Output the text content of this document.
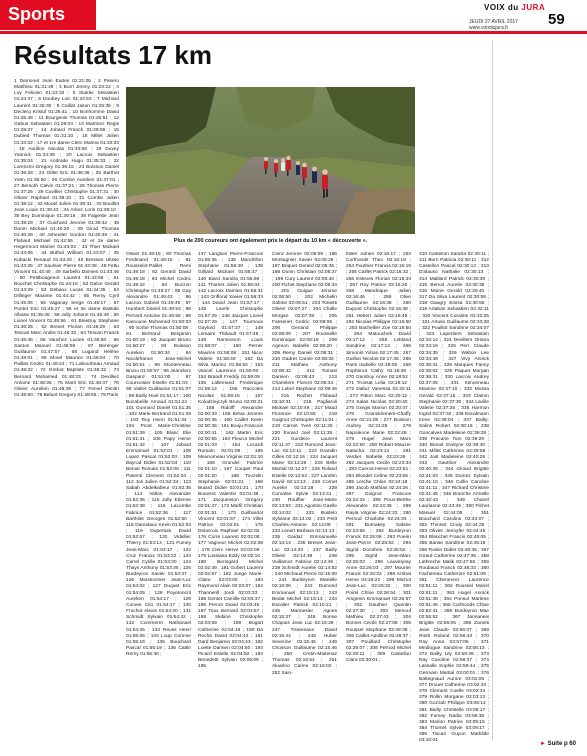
Sports	VOIX du JURA
JEUDI 27 AVRIL 2017
www.voixdujura.fr	59
Résultats 17 km
Plus de 200 coureurs ont également pris le départ du 10 km « découverte ».
1 Demonet Jean Eudes 01:21:05 ; 2 Pasero Matthieu 01:21:49 ; 3 Burri Jimmy 01:23:22 ; 4 Loy Felicien 01:23:32 ; 5 Stukler Sebastien 01:24:37 ; 6 Doubey Loic 01:24:53 ; 7 Michard Laurent 01:25:30 ; 8 Caillat Jason 01:25:35 ; 9 Declerq Kristof 01:25:41 ; 10 Bonhomme David 01:25:46 ; 11 Bourgeois Thomas 01:26:51 ; 12 Gabus Sebastien 01:28:03 ; 13 Martinez Regis 01:28:27 ; 14 Jobard Franck 01:29:55 ; 15 Dubied Thomas 01:31:10 ; 16 Millet Julien 01:33:02 ; 17 et 1re dame Clerc Marina 01:33:03 ; 18 Aurillon Nicolas 01:33:58 ; 19 Duvey Yannick 01:34:36 ; 20 Lacroix Sebastien 01:35:04 ; 21 Andrade Hugo 01:35:33 ; 22 Lorenzini Gregory 01:36:15 ; 23 Boisson Daniel 01:36:28 ; 24 Gillet Eric 01:36:36 ; 25 Barthet Yann 01:36:50 ; 26 Combe Aurelien 01:37:01 ; 27 Bersoth Calvin 01:37:21 ; 28 Thomas Pierre 01:37:25 ; 29 Cuvillier Christophe 01:37:31 ; 30 Olivier Raphael 01:38:10 ; 31 Combe Julien 01:38:12 ; 32 Mouel Julien 01:38:31 ; 33 Bouillet Jean Louis 01:38:43 ; 34 Arbez Loris 01:39:10 ; 35 Bey Dominique 01:39:16 ; 36 Faigeste Jean 01:39:29 ; 37 Guichard Jerome 01:39:42 ; 38 Donin Michael 01:40:20 ; 39 Girod Thomas 01:40:26 ; 40 Joheutier Gordon 01:40:46 ; 41 Flahaut Michael 01:42:55 ; 42 et 2e dame Hegermont Marine 01:43:02 ; 43 Thier Mickael 01:43:06 ; 44 Buthal William 01:43:07 ; 45 Kubacki Renaud 01:43:20 ; 46 Bressan Ulisse 01:43:25 ; 47 Saulnier Pierre 01:43:38 ; 48 Fettu Vincent 01:43:40 ; 49 Sarbello Damien 01:43:46 ; 50 Petitbougenot Laurent 01:43:55 ; 51 Bouchet Christophe 01:44:16 ; 52 Dalce Gerald 01:44:29 ; 53 Debaux Lucas 01:44:35 ; 54 Dillinger Maxime 01:44:42 ; 55 Remy Cyril 01:45:05 ; 56 Vaganay Serge 01:45:17 ; 57 Pontet Eric 01:45:27 ; 58 et 3e dame Bastide Albane 01:45:45 ; 59 Jolly Johann 01:45:49 ; 60 Lionel Vincent 01:45:56 ; 61 Binetruy Stephane 01:46:25 ; 62 Brevet Florian 01:46:29 ; 63 Tescari Marc Andre 01:46:32 ; 64 Tescari Franck 01:46:46 ; 65 Vauchez Lucien 01:46:50 ; 66 Santos Manuel 01:46:59 ; 67 Berenger Guillaume 01:47:57 ; 68 Lugand Hélène 01:48:01 ; 69 Morel Maurice 01:48:04 ; 70 Paillas Cedric 01:48:24 ; 71 Labourbeau Arnaud 01:48:32 ; 72 Grebot Baptiste 01:48:32 ; 73 Bernard Mohamed 01:48:33 ; 74 Devilliez Antoine 01:48:36 ; 75 Marti Eric 01:48:37 ; 76 Olivier Aurelien 01:48:39 ; 77 Femel Dimitri 01:48:50 ; 78 Beluet Gregory 01:48:56 ; 79 Paris
Olivier 01:49:15 ; 80 Thomas Ferdinand 01:49:15 ; 81 Rousselot-Paillet Remi 01:49:18 ; 82 Gerard David 01:49:18 ; 83 Michel Cedric 01:49:22 ; 84 Buzzon Christophe 01:49:27 ; 85 Gay Alexandre 01:49:43 ; 86 Lacroix Gabriel 01:49:49 ; 87 Humbert Daniel 01:49:53 ; 88 Perrard Antoine 01:49:56 ; 89 Kamoune Mohamed 01:50:03 ; 90 Sorbe Thomas 01:50:08 ; 91 Bertrand Benjamin 01:50:19 ; 92 Jacquet Bruno 01:50:27 ; 93 Boisson Aurelien 01:50:34 ; 94 Nicolefrance Jean-Michel 01:50:51 ; 95 Montenneau Bruno 01:50:57 ; 96 Jeanclerc Gaspard 01:51:00 ; 97 Courvoisier Estelle 01:51:03 ; 98 Viallet Guillaume 01:51:07 ; 99 Bailly Noel 01:51:17 ; 100 Bocabeille Arnaud 01:51:21 ; 101 Gonnard Daniel 01:51:25 ; 102 Marie Bertrand 01:51:28 ; 103 Roy Henri 01:51:34 ; 104 Prost Marie-Christine 01:51:39 ; 105 Blanc Elie 01:51:41 ; 106 Papy Herve 01:51:42 ; 107 Jobard Emmanuel 01:52:01 ; 108 Lopez Pascal 01:52:03 ; 109 Bayrod Didier 01:52:04 ; 110 Benoit Romain 01:52:06 ; 111 Pasenti Clement 01:52:04 ; 112 Jos Julien 01:52:34 ; 113 Sabah Abdelkabeur 01:52:35 ; 114 Vallon Alexandre 01:52:36 ; 115 Jully Etienne 01:52:38 ; 116 Lacombe Fabrice 01:52:36 ; 117 Barthilet Georges 01:52:50 ; 118 Damidaux Kevin 01:52:53 ; 119 Dupertuis David 01:52:57 ; 120 Vidallier Thierry 01:53:13 ; 121 Fumey Jean-Marc 01:53:17 ; 122 Cruz Francis 01:53:22 ; 123 Carrel Cyrille 01:53:30 ; 124 Thays Anthony 01:53:35 ; 125 Burdeyron Xavier 01:53:37 ; 126 Moissonnier Jean-Luc 01:54:02 ; 127 Duquet Eric 01:54:05 ; 128 Poyetoncrit Aurelien 01:54:17 ; 129 Corvee Cilo 01:54:17 ; 130 Frochot Alexis 01:54:20 ; 131 Schmidt Sylvain 01:54:42 ; 132 Commeret Nathanael 01:54:45 ; 133 Reuss Henri 01:55:05 ; 134 Loup Corinne 01:55:19 ; 135 Bouchard Pascal 01:55:19 ; 136 Cattin Remy 01:55:30 ;
137 Langlois Pierre-Francois 01:55:35 ; 138 Mandrillon Stephane 01:55:40 ; 139 Gilliard Mickael 01:55:47 ; 140 Biard Sandra 01:55:59 ; 141 Thomet Julien 01:56:04 ; 142 Lacroix Damien 01:56:31 ; 143 Griffond Xavier 01:56:33 ; 144 David Jean 01:57:17 ; 145 Lavrle Christophe 01:57:29 ; 146 Jacquin Lionel 01:57:29 ; 147 Tournoux Gaylord 01:57:37 ; 148 Lemaire Thibault 01:57:45 ; 149 Rameonon Louis 01:58:07 ; 150 Perrier Maurice 01:58:08 ; 151 Nicor Valerie 01:58:49 ; 152 Da Silva Marino 01:58:52 ; 153 Vancel Laurence 01:59:00 ; 154 Brandt Freddy 01:59:09 ; 155 Lallemand Frederique 01:59:12 ; 156 Raccoles Nicolas 01:59:15 ; 157 Kolodziejczyk Bruno 02:00:21 ; 158 Ridolff Alexandre 02:00:33 ; 159 Belva Jerome 02:00:35 ; 160 Caillet Kevin 02:00:36 ; 161 Bouju Francois 02:00:41 ; 162 Martin Eric 02:00:55 ; 163 Fleurot Michel 02:01:03 ; 164 Locardi Romain 02:01:09 ; 165 Meunomeau Virginie 02:01:10 ; 166 Grundel Fabrice 02:01:10 ; 167 Coupet Paul 02:01:20 ; 168 Touzelin Stephanie 02:01:21 ; 169 Buiard Didier 02:01:21 ; 170 Bouvent Valentin 02:01:38 ; 171 Jacquesson Gregory 02:01:47 ; 172 Marfil Christian 02:01:51 ; 173 Guilbardot Vincent 02:01:57 ; 174 Villet Patrice 02:02:01 ; 175 Delacroix Raphael 02:02:02 ; 176 Corre Laurent 02:02:08 ; 177 Vagneur Michel 02:02:08 ; 178 Clerc Herve 02:02:09 ; 179 Lussiana Eddy 02:02:10 ; 180 Beringard Michel 02:02:49 ; 181 Gobert Laurent 02:02:57 ; 182 Junge Marie-Claire 02:03:00 ; 183 Raymond Alain 02:03:07 ; 184 Thannerill Jordi 02:03:33 ; 185 Gentet Camille 02:03:37 ; 186 Pernot David 02:03:45 ; 187 Toux Bernard 02:03:57 ; 188 Skibine Christophe 02:03:59 ; 189 Bogart Catherine 02:04:18 ; 190 Da Rocha David 02:04:43 ; 191 Dard Benjamin 02:04:43 ; 192 Loette Damien 02:04:50 ; 193 Picard Estelle 02:04:52 ; 194 Benedetti Sylvain 02:05:09 ; 195
Clerd Jerome 02:05:09 ; 196 Montagnier Xavier 02:05:29 ; 197 Briquet Gerard 02:05:36 ; 198 Donin Christian 02:05:37 ; 199 Cury Laurent 02:05:40 ; 200 Fichet Stephane 02:06:34 ; 201 Guigue Jerome 02:06:50 ; 202 Michelin Sabine 02:06:51 ; 203 Tonietti Olivier 02:07:27 ; 204 Challe Morgan 02:07:38 ; 205 Fassenet Cedric 02:08:05 ; 206 Genand Philippe 02:08:09 ; 207 Rousselle Dominique 02:08:16 ; 208 Agenon Isabelle 02:08:20 ; 209 Remy Daniel 02:08:31 ; 210 Gadret Carole 02:08:32 ; 211 Mathieu Anthony 02:08:42 ; 212 Tomasi Damien 02:08:43 ; 213 Chanelere Florent 02:09:34 ; 214 Lebel Stephane 02:09:46 ; 215 Rochet Thibaud 02:10:31 ; 216 Pagliaroli Mickael 02:10:49 ; 217 Maud Florence 02:10:56 ; 218 Guignot Christophe 02:11:01 ; 219 Carnet Yves 02:11:25 ; 220 Evrard Joel 02:11:35 ; 221 Gordeiro Laurent 02:11:37 ; 222 Rumond Jean-Luc 02:12:11 ; 223 Grandin Gilles 02:12:16 ; 224 Jacquet Marie 02:12:26 ; 225 Belle Martial 02:12:27 ; 226 Roland Estelle 02:12:53 ; 227 Landrin David 02:13:13 ; 228 Cornet Aurelie 02:13:18 ; 229 Corvalan Sylvie 02:13:41 ; 230 Rouffier Jean-Marie 02:13:53 ; 231 Agostini Gaelle 02:14:02 ; 232 Bustelo Sylviane 02:14:02 ; 233 Petit Charles-Antoine 02:14:09 ; 234 Lenert Barbara 02:14:13 ; 235 Gaidaz Emmanuelle 02:14:14 ; 236 Brenet Jean-Luc 02:14:33 ; 237 Bailly Olivier 02:14:38 ; 238 Vuillamoz Fabrice 02:14:46 ; 239 Schmidt Aurelie 02:14:52 ; 240 Michaud Pierre 02:15:00 ; 241 Burdeyron Marielle 02:15:06 ; 242 Dumond Emmanuel 02:15:13 ; 243 Bedat Michel 02:15:13 ; 244 Escalier Patrick 02:15:21 ; 245 Mannesier Agnes 02:15:27 ; 246 Bonne Chapuis Jean Luc 02:15:28 ; 247 Tissereaux David 02:15:44 ; 248 Huber Severine 02:15:45 ; 249 Chosson Guillaume 02:15:46 ; 250 Cretin-Maitenaz Thomas 02:15:54 ; 251 Aluarino Carine 02:16:02 ; 252 Sain-
thiller Adrien 02:16:17 ; 253 Corthonds Theo 02:16:18 ; 254 Pouthier Francis 02:16:19 ; 255 Caillet Patrick 02:16:32 ; 256 Esteves Florian 02:16:33 ; 257 Roy Patrice 02:16:25 ; 258 Mandrique Julien 02:16:46 ; 259 Olive Guillaume 02:16:48 ; 260 Dupont Christophe 02:16:49 ; 261 Hebert Julien 02:16:49 ; 262 Nicolas Philippe 02:16:50 ; 263 Bachellier Zoe 02:16:50 ; 264 Matouchek David 02:17:12 ; 265 Lebland Sandrine 02:17:12 ; 266 Simonin Yohan 02:17:45 ; 267 Guillon Nicolas 02:17:45 ; 268 Paris Isabelle 02:18:08 ; 269 Rophenot Cathy 02:18:38 ; 270 Gamboy Anne 02:18:52 ; 271 Trossat Lelia 02:19:12 ; 272 Dalloz Vanessa 02:20:11 ; 273 Pitton Marc 02:20:12 ; 274 Salas Nicolas 02:20:40 ; 275 Gregis Marion 02:20:47 ; 276 Grandclement-Chaffy Anne 02:21:05 ; 277 Boisson Audrey 02:21:28 ; 278 Napoleone Marie 02:22:48 ; 279 Hugel Jean Marc 02:22:50 ; 280 Robert-Mauzer Natacha 02:23:14 ; 281 Verdier Isabelle 02:23:26 ; 282 Jacques Cecile 02:23:33 ; 283 Cuenot Herve 02:23:51 ; 284 Blondel Celine 02:23:56 ; 285 Lerche Chloe 02:24:18 ; 286 Jacob Mathias 02:24:26 ; 287 Guignot Francois 02:24:34 ; 288 Poux-Berthe Alexandre 02:24:38 ; 289 Rayla Virginie 02:24:33 ; 290 Pernod Charlotte 02:24:33 ; 291 Burnakey Sabine 02:24:56 ; 292 Burdeyron Franck 02:25:08 ; 293 Poerin Jean-Pierre 02:25:52 ; 294 Sigrid Dorothee 02:25:52 ; 295 Sigrid Jean-Marc 02:26:03 ; 296 Lauverjeay Anne 02:26:03 ; 297 Mourier Franck 02:26:22 ; 298 Arribat Herve 02:26:22 ; 299 Michot Jean-Luc 02:26:32 ; 300 Poirel Chloe 02:26:54 ; 301 Amgenin Emmanuel 02:26:57 ; 302 Gauthier Quentin 02:27:30 ; 303 Menouf Mathieu 02:27:43 ; 304 Bonnet Cecile 02:27:58 ; 305 Roussel Stephane 02:28:36 ; 306 Caillet Apolline 02:28:37 ; 307 Pouillard Christophe 02:29:07 ; 308 Pernod Michel 02:29:11 ; 309 Castellon Clara 02:30:01 ;
310 Castellon Sandra 02:30:11 ; 311 Burri Patricia 02:30:11 ; 312 Castellon Pascal 02:30:12 ; 313 D'alauso Nathalie 02:30:13 ; 314 Maillard Patrick 02:30:30 ; 315 Benoit Aurelie 02:30:35 ; 316 Moine Gerald 02:30:40 ; 317 Da Silva Laurent 02:30:58 ; 318 Gaugry Eloisa 02:30:55 ; 319 Artaban Sebastien 02:32:11 ; 320 Vincent Coraline 02:32:25 ; 321 Artuso Guillaume 02:33:28 ; 322 Pouillot Sandrine 02:34:07 ; 323 Lapertiers Sebastien 02:34:14 ; 324 Devillers Oriana 02:34:15 ; 325 Perr Claude 02:34:35 ; 326 Walton Lee 02:34:48 ; 327 Vivy Annick 02:35:31 ; 328 Marques Fanny 02:36:02 ; 329 Paquet Morgan 02:36:31 ; 330 Lacroix Audrey 02:37:05 ; 331 Simonneau Maxime 02:37:10 ; 332 Mossa Gerald 02:37:15 ; 333 Clairon Stephanie 02:37:30 ; 334 Laville Valerie 02:37:25 ; 335 Harmon Ingrid 02:37:32 ; 336 Escalmann Irene 02:38:04 ; 337 Bailly-Salins Robert 02:38:16 ; 338 Goncalves Madeleine 02:39:28 ; 339 Pracarie Tom 02:39:29 ; 340 Benoit Evelyne 02:39:40 ; 341 Millet Catherine 02:39:58 ; 342 Jost Madeleine 02:40:25 ; 343 Gauthier Alexandre 02:40:35 ; 344 Giraud Brigitte 02:41:03 ; 345 Dumez Sylvain 02:41:10 ; 346 Collin Caroline 02:41:11 ; 347 Richard Christine 02:41:45 ; 348 Branche Armelle 02:42:43 ; 349 Chanel Laurianne 02:43:45 ; 350 Pichet Manuel 02:44:05 ; 351 Bouchard Caroline 02:44:07 ; 352 Thinnet Cindy 02:44:25 ; 353 Olivier Jennyfer 02:44:45 ; 354 Blanchet Francis 02:45:05 ; 355 Banse Sandrine 02:45:15 ; 356 Rosier Didier 02:46:35 ; 357 Girard Catherine 02:47:39 ; 358 Lathreche Malik 02:47:55 ; 359 Roubaud Franck 02:48:33 ; 360 Fachereau Catherine 02:51:09 ; 361 Chenevrez Laurence 02:51:11 ; 362 Roussel Mariel 02:51:11 ; 363 Hugel Annick 02:51:38 ; 364 Ponsot Marlene 02:51:45 ; 365 Corthonds Chloe 02:52:41 ; 366 Burdeyron Mae 02:55:52 ; 367 Jannaneix Brigitte 02:56:05 ; 368 Zanetti Jean Claude 02:56:37 ; 369 Rieth Roland 02:56:43 ; 370 Ray Anna 02:57:06 ; 371 Medlogue Sandrine 02:58:13 ; 372 Bailly Lily 02:58:36 ; 373 Ray Caroline 02:58:37 ; 374 Lassalle Sophie 02:59:44 ; 375 Germain Martial 03:00:01 ; 376 Battegnaud Aurore 03:01:05 ; 377 Drouet Catherine 03:02:34 ; 378 Clement Coelle 03:02:34 ; 379 Rollin Morgane 03:03:13 ; 380 Gozzati Philippe 03:06:14 ; 381 Bailly Christelle 03:06:17 ; 382 Fumey Nadia 03:06:38 ; 383 Marlon Patrice 03:09:15 ; 384 Thomet Sylvie 03:09:17 ; 385 Tiscari Guyon Mathilde 03:10:01
► Suite p 60
